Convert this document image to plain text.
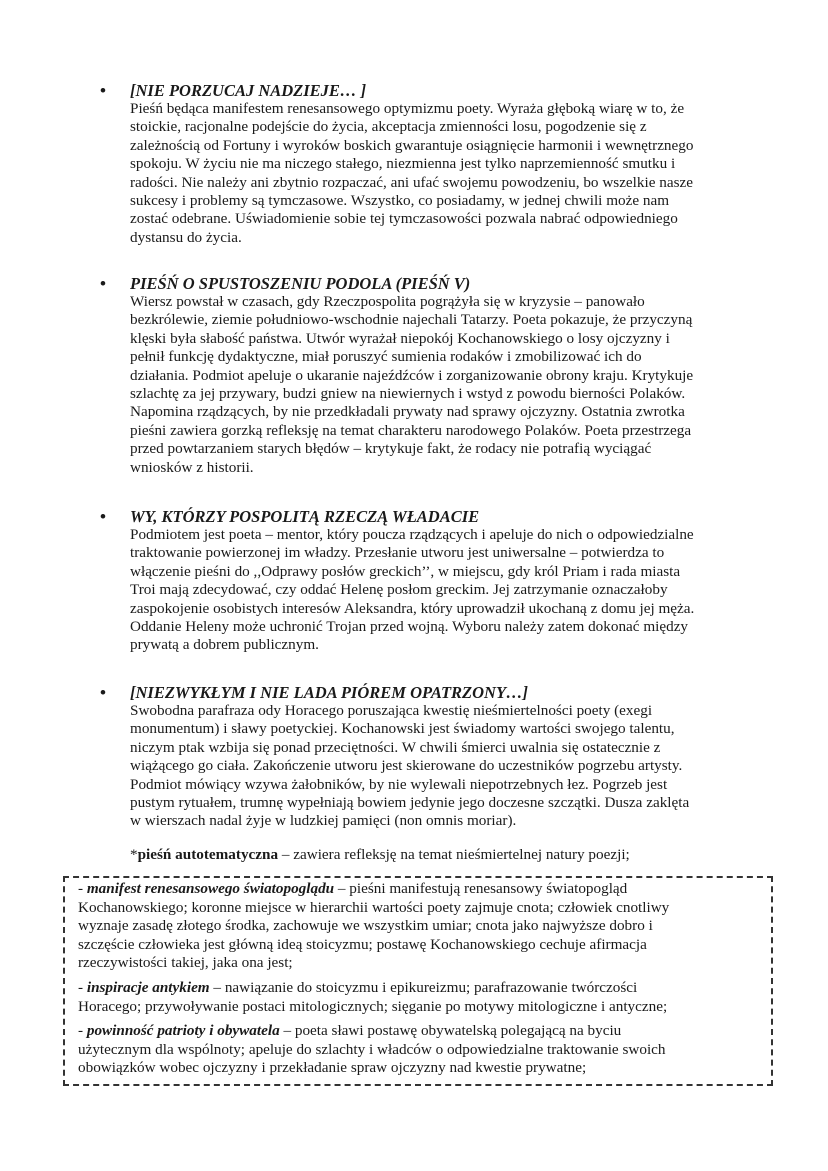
• [NIE PORZUCAJ NADZIEJE… ]
Pieśń będąca manifestem renesansowego optymizmu poety. Wyraża głęboką wiarę w to, że
stoickie, racjonalne podejście do życia, akceptacja zmienności losu, pogodzenie się z
zależnością od Fortuny i wyroków boskich gwarantuje osiągnięcie harmonii i wewnętrznego
spokoju. W życiu nie ma niczego stałego, niezmienna jest tylko naprzemienność smutku i
radości. Nie należy ani zbytnio rozpaczać, ani ufać swojemu powodzeniu, bo wszelkie nasze
sukcesy i problemy są tymczasowe. Wszystko, co posiadamy, w jednej chwili może nam
zostać odebrane. Uświadomienie sobie tej tymczasowości pozwala nabrać odpowiedniego
dystansu do życia.
• PIEŚŃ O SPUSTOSZENIU PODOLA (PIEŚŃ V)
Wiersz powstał w czasach, gdy Rzeczpospolita pogrążyła się w kryzysie – panowało
bezkrólewie, ziemie południowo-wschodnie najechali Tatarzy. Poeta pokazuje, że przyczyną
klęski była słabość państwa. Utwór wyrażał niepokój Kochanowskiego o losy ojczyzny i
pełnił funkcję dydaktyczne, miał poruszyć sumienia rodaków i zmobilizować ich do
działania. Podmiot apeluje o ukaranie najeźdźców i zorganizowanie obrony kraju. Krytykuje
szlachtę za jej przywary, budzi gniew na niewiernych i wstyd z powodu bierności Polaków.
Napomina rządzących, by nie przedkładali prywaty nad sprawy ojczyzny. Ostatnia zwrotka
pieśni zawiera gorzką refleksję na temat charakteru narodowego Polaków. Poeta przestrzega
przed powtarzaniem starych błędów – krytykuje fakt, że rodacy nie potrafią wyciągać
wniosków z historii.
• WY, KTÓRZY POSPOLITĄ RZECZĄ WŁADACIE
Podmiotem jest poeta – mentor, który poucza rządzących i apeluje do nich o odpowiedzialne
traktowanie powierzonej im władzy. Przesłanie utworu jest uniwersalne – potwierdza to
włączenie pieśni do ,,Odprawy posłów greckich’’, w miejscu, gdy król Priam i rada miasta
Troi mają zdecydować, czy oddać Helenę posłom greckim. Jej zatrzymanie oznaczałoby
zaspokojenie osobistych interesów Aleksandra, który uprowadził ukochaną z domu jej męża.
Oddanie Heleny może uchronić Trojan przed wojną. Wyboru należy zatem dokonać między
prywatą a dobrem publicznym.
• [NIEZWYKŁYM I NIE LADA PIÓREM OPATRZONY…]
Swobodna parafraza ody Horacego poruszająca kwestię nieśmiertelności poety (exegi
monumentum) i sławy poetyckiej. Kochanowski jest świadomy wartości swojego talentu,
niczym ptak wzbija się ponad przeciętności. W chwili śmierci uwalnia się ostatecznie z
wiążącego go ciała. Zakończenie utworu jest skierowane do uczestników pogrzebu artysty.
Podmiot mówiący wzywa żałobników, by nie wylewali niepotrzebnych łez. Pogrzeb jest
pustym rytuałem, trumnę wypełniają bowiem jedynie jego doczesne szczątki. Dusza zaklęta
w wierszach nadal żyje w ludzkiej pamięci (non omnis moriar).
*pieśń autotematyczna – zawiera refleksję na temat nieśmiertelnej natury poezji;
- manifest renesansowego światopoglądu – pieśni manifestują renesansowy światopogląd
Kochanowskiego; koronne miejsce w hierarchii wartości poety zajmuje cnota; człowiek cnotliwy
wyznaje zasadę złotego środka, zachowuje we wszystkim umiar; cnota jako najwyższe dobro i
szczęście człowieka jest główną ideą stoicyzmu; postawę Kochanowskiego cechuje afirmacja
rzeczywistości takiej, jaka ona jest;
- inspiracje antykiem – nawiązanie do stoicyzmu i epikureizmu; parafrazowanie twórczości
Horacego; przywoływanie postaci mitologicznych; sięganie po motywy mitologiczne i antyczne;
- powinność patrioty i obywatela – poeta sławi postawę obywatelską polegającą na byciu
użytecznym dla wspólnoty; apeluje do szlachty i władców o odpowiedzialne traktowanie swoich
obowiązków wobec ojczyzny i przekładanie spraw ojczyzny nad kwestie prywatne;
